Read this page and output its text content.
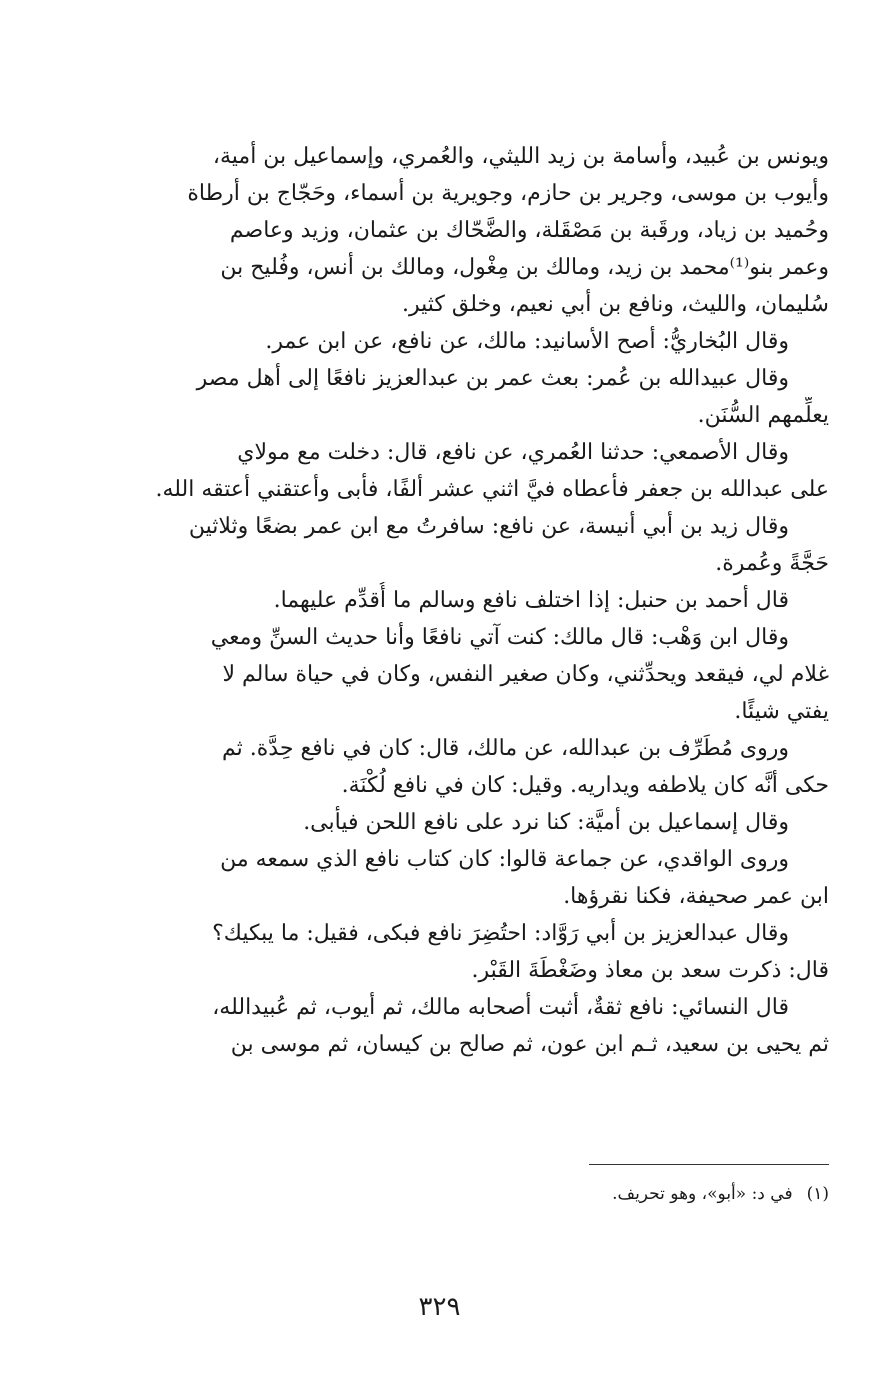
ويونس بن عُبيد، وأسامة بن زيد الليثي، والعُمري، وإسماعيل بن أمية،
وأيوب بن موسى، وجرير بن حازم، وجويرية بن أسماء، وحَجّاج بن أرطاة
وحُميد بن زياد، ورقَبة بن مَصْقَلة، والضَّحّاك بن عثمان، وزيد وعاصم
وعمر بنو⁽¹⁾محمد بن زيد، ومالك بن مِغْول، ومالك بن أنس، وفُليح بن
سُليمان، والليث، ونافع بن أبي نعيم، وخلق كثير.
وقال البُخاريُّ: أصح الأسانيد: مالك، عن نافع، عن ابن عمر.
وقال عبيدالله بن عُمر: بعث عمر بن عبدالعزيز نافعًا إلى أهل مصر
يعلِّمهم السُّنَن.
وقال الأصمعي: حدثنا العُمري، عن نافع، قال: دخلت مع مولاي
على عبدالله بن جعفر فأعطاه فيَّ اثني عشر ألفًا، فأبى وأعتقني أعتقه الله.
وقال زيد بن أبي أنيسة، عن نافع: سافرتُ مع ابن عمر بضعًا وثلاثين
حَجَّةً وعُمرة.
قال أحمد بن حنبل: إذا اختلف نافع وسالم ما أُقدِّم عليهما.
وقال ابن وَهْب: قال مالك: كنت آتي نافعًا وأنا حديث السنِّ ومعي
غلام لي، فيقعد ويحدِّثني، وكان صغير النفس، وكان في حياة سالم لا
يفتي شيئًا.
وروى مُطَرِّف بن عبدالله، عن مالك، قال: كان في نافع حِدَّة. ثم
حكى أنَّه كان يلاطفه ويداريه. وقيل: كان في نافع لُكْنَة.
وقال إسماعيل بن أميَّة: كنا نرد على نافع اللحن فيأبى.
وروى الواقدي، عن جماعة قالوا: كان كتاب نافع الذي سمعه من
ابن عمر صحيفة، فكنا نقرؤها.
وقال عبدالعزيز بن أبي رَوَّاد: احتُضِرَ نافع فبكى، فقيل: ما يبكيك؟
قال: ذكرت سعد بن معاذ وضَغْطَةَ القَبْر.
قال النسائي: نافع ثقةٌ، أثبت أصحابه مالك، ثم أيوب، ثم عُبيدالله،
ثم يحيى بن سعيد، ثـم ابن عون، ثم صالح بن كيسان، ثم موسى بن
(١)في د: «أبو»، وهو تحريف.
٣٢٩
